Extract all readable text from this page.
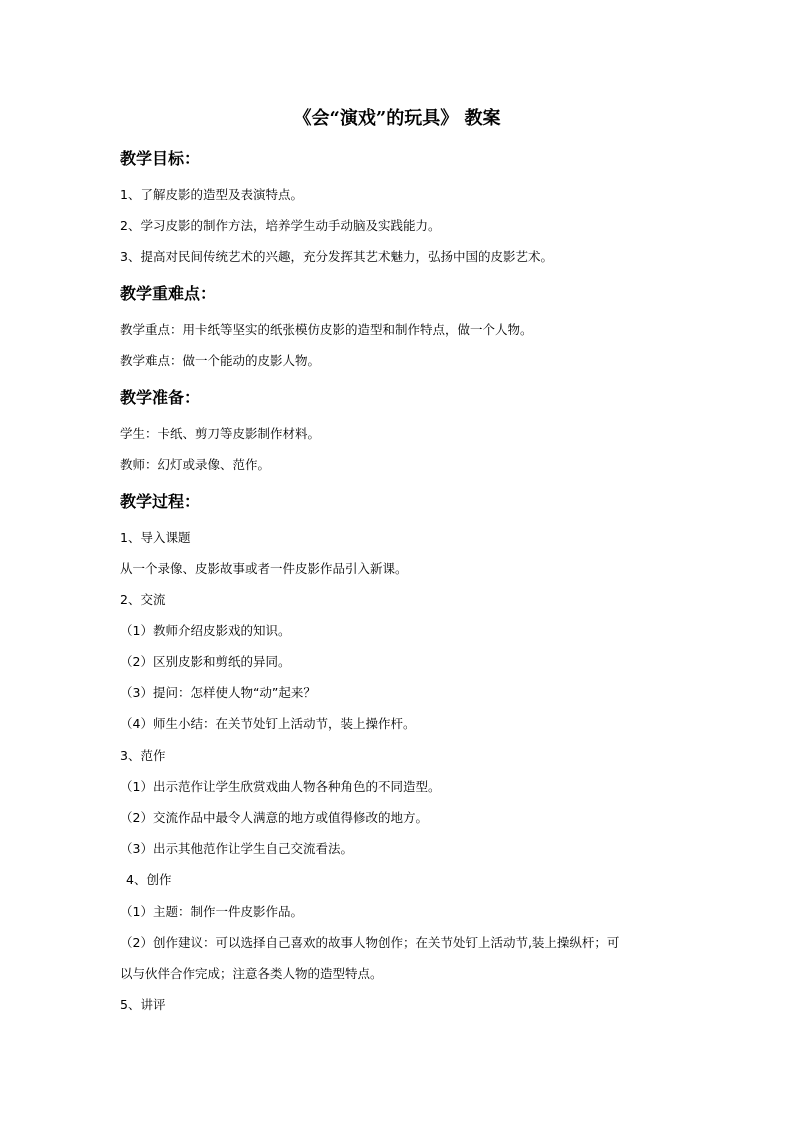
《会“演戏”的玩具》 教案
教学目标：
1、了解皮影的造型及表演特点。
2、学习皮影的制作方法，培养学生动手动脑及实践能力。
3、提高对民间传统艺术的兴趣，充分发挥其艺术魅力，弘扬中国的皮影艺术。
教学重难点：
教学重点：用卡纸等坚实的纸张模仿皮影的造型和制作特点，做一个人物。
教学难点：做一个能动的皮影人物。
教学准备：
学生：卡纸、剪刀等皮影制作材料。
教师：幻灯或录像、范作。
教学过程：
1、导入课题
从一个录像、皮影故事或者一件皮影作品引入新课。
2、交流
（1）教师介绍皮影戏的知识。
（2）区别皮影和剪纸的异同。
（3）提问：怎样使人物“动”起来？
（4）师生小结：在关节处钉上活动节，装上操作杆。
3、范作
（1）出示范作让学生欣赏戏曲人物各种角色的不同造型。
（2）交流作品中最令人满意的地方或值得修改的地方。
（3）出示其他范作让学生自己交流看法。
4、创作
（1）主题：制作一件皮影作品。
（2）创作建议：可以选择自己喜欢的故事人物创作；在关节处钉上活动节,装上操纵杆；可
以与伙伴合作完成；注意各类人物的造型特点。
5、讲评
